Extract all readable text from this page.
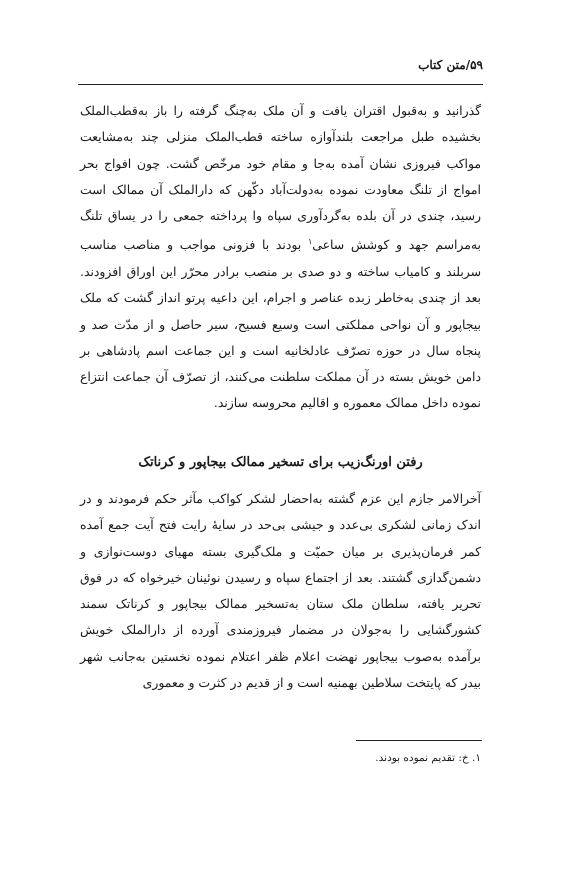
۵۹/متن کتاب

گذرانید و به‌قبول اقتران یافت و آن ملک به‌چنگ گرفته را باز به‌قطب‌الملک بخشیده طبل مراجعت بلندآوازه ساخته قطب‌الملک منزلی چند به‌مشایعت مواکب فیروزی نشان آمده به‌جا و مقام خود مرخّص گشت. چون افواج بحر امواج از تلنگ معاودت نموده به‌دولت‌آباد دکّهن که دارالملک آن ممالک است رسید، چندی در آن بلده به‌گردآوری سپاه وا پرداخته جمعی را در یساق تلنگ به‌مراسم جهد و کوشش ساعی$^۱$ بودند با فزونی مواجب و مناصب مناسب سربلند و کامیاب ساخته و دو صدی بر منصب برادر محرّر این اوراق افزودند. بعد از چندی به‌خاطر زبده عناصر و اجرام، این داعیه پرتو انداز گشت که ملک بیجاپور و آن نواحی مملکتی است وسیع فسیح، سیر حاصل و از مدّت صد و پنجاه سال در حوزه تصرّف عادلخانیه است و این جماعت اسم پادشاهی بر دامن خویش بسته در آن مملکت سلطنت می‌کنند، از تصرّف آن جماعت انتزاع نموده داخل ممالک معموره و اقالیم محروسه سازند.

رفتن اورنگ‌زیب برای تسخیر ممالک بیجاپور و کرناتک

آخرالامر جازم این عزم گشته به‌احضار لشکر کواکب مآثر حکم فرمودند و در اندک زمانی لشکری بی‌عدد و جیشی بی‌حد در سایهٔ رایت فتح آیت جمع آمده کمر فرمان‌پذیری بر میان حمیّت و ملک‌گیری بسته مهیای دوست‌نوازی و دشمن‌گدازی گشتند. بعد از اجتماع سپاه و رسیدن نوئینان خیرخواه که در فوق تحریر یافته، سلطان ملک ستان به‌تسخیر ممالک بیجاپور و کرناتک سمند کشورگشایی را به‌جولان در مضمار فیروزمندی آورده از دارالملک خویش برآمده به‌صوب بیجاپور نهضت اعلام ظفر اعتلام نموده نخستین به‌جانب شهر بیدر که پایتخت سلاطین بهمنیه است و از قدیم در کثرت و معموری

۱. خ: تقدیم نموده بودند.
